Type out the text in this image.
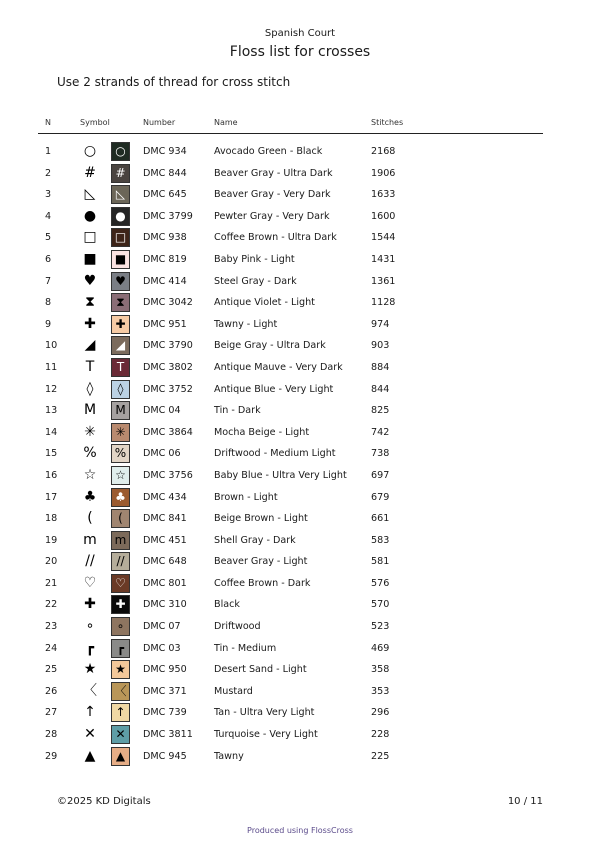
Spanish Court
Floss list for crosses
Use 2 strands of thread for cross stitch
N	Symbol	Number	Name	Stitches
1 ○	○	DMC 934	Avocado Green - Black	2168
2 #	#	DMC 844	Beaver Gray - Ultra Dark	1906
3	◺	◺	DMC 645	Beaver Gray - Very Dark	1633
4 ●	●	DMC 3799 Pewter Gray - Very Dark	1600
5 □	□	DMC 938	Coffee Brown - Ultra Dark	1544
6 ■	■	DMC 819	Baby Pink - Light	1431
7 ♥	♥	DMC 414	Steel Gray - Dark	1361
8	⧗	⧗	DMC 3042 Antique Violet - Light	1128
9 ✚	✚	DMC 951	Tawny - Light	974
10	◢	◢	DMC 3790 Beige Gray - Ultra Dark	903
11	T	T	DMC 3802 Antique Mauve - Very Dark	884
12	◊	◊	DMC 3752 Antique Blue - Very Light	844
13 M	M	DMC 04	Tin - Dark	825
14 ✳	✳	DMC 3864 Mocha Beige - Light	742
15 %	%	DMC 06	Driftwood - Medium Light	738
16 ☆	☆	DMC 3756 Baby Blue - Ultra Very Light	697
17 ♣	♣	DMC 434	Brown - Light	679
18	(	(	DMC 841	Beige Brown - Light	661
19 m	m	DMC 451	Shell Gray - Dark	583
20	//	//	DMC 648	Beaver Gray - Light	581
21 ♡	♡	DMC 801	Coffee Brown - Dark	576
22 ✚	✚	DMC 310	Black	570
23	∘	∘	DMC 07	Driftwood	523
24	┏	┏	DMC 03	Tin - Medium	469
25 ★	★	DMC 950	Desert Sand - Light	358
26 〈 〈	DMC 371	Mustard	353
27 ↑	↑	DMC 739	Tan - Ultra Very Light	296
28 ✕	✕	DMC 3811 Turquoise - Very Light	228
29	▲	▲	DMC 945	Tawny	225
©2025 KD Digitals	10 / 11
Produced using FlossCross
